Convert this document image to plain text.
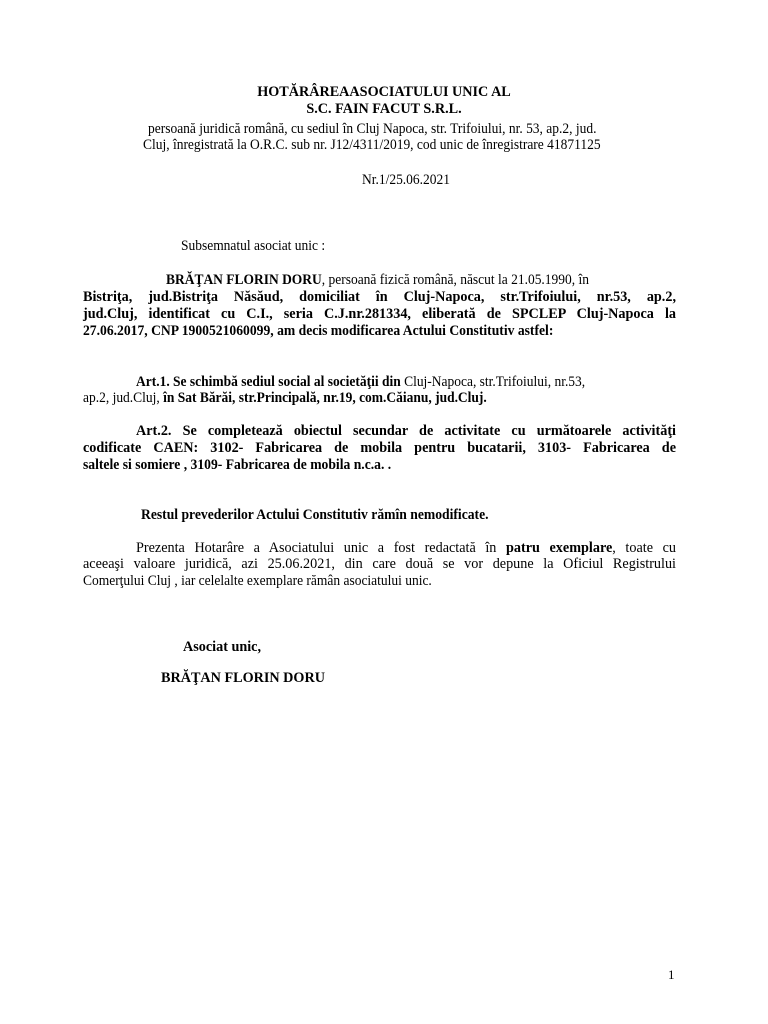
HOTĂRÂREAASOCIATULUI UNIC AL
S.C. FAIN FACUT S.R.L.
persoană juridică română, cu sediul în Cluj Napoca, str. Trifoiului, nr. 53, ap.2, jud.
Cluj, înregistrată la O.R.C. sub nr. J12/4311/2019, cod unic de înregistrare 41871125
Nr.1/25.06.2021
Subsemnatul asociat unic :
BRĂŢAN FLORIN DORU, persoană fizică română, născut la 21.05.1990, în
Bistriţa, jud.Bistriţa Năsăud, domiciliat în Cluj-Napoca, str.Trifoiului, nr.53, ap.2,
jud.Cluj, identificat cu C.I., seria C.J.nr.281334, eliberată de SPCLEP Cluj-Napoca la
27.06.2017, CNP 1900521060099, am decis modificarea Actului Constitutiv astfel:
Art.1. Se schimbă sediul social al societăţii din Cluj-Napoca, str.Trifoiului, nr.53,
ap.2, jud.Cluj, în Sat Bărăi, str.Principală, nr.19, com.Căianu, jud.Cluj.
Art.2. Se completează obiectul secundar de activitate cu următoarele activităţi
codificate CAEN: 3102- Fabricarea de mobila pentru bucatarii, 3103- Fabricarea de
saltele si somiere , 3109- Fabricarea de mobila n.c.a. .
Restul prevederilor Actului Constitutiv rămîn nemodificate.
Prezenta Hotarâre a Asociatului unic a fost redactată în patru exemplare, toate cu
aceeaşi valoare juridică, azi 25.06.2021, din care două se vor depune la Oficiul Registrului
Comerţului Cluj , iar celelalte exemplare rămân asociatului unic.
Asociat unic,
BRĂŢAN FLORIN DORU
1
